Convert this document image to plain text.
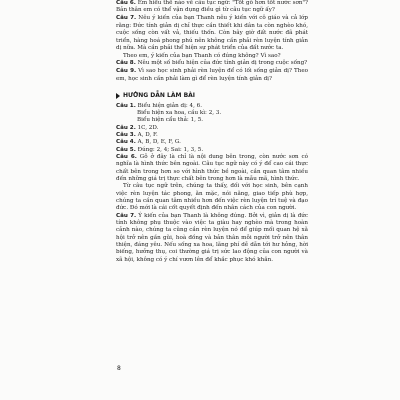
Câu 6. Em hiểu thế nào về câu tục ngữ: "Tốt gỗ hơn tốt nước sơn"? Bản thân em có thể vận dụng điều gì từ câu tục ngữ ấy?

Câu 7. Nêu ý kiến của bạn Thanh nêu ý kiến với cô giáo và cả lớp rằng: Đức tính giản dị chỉ thực cần thiết khi dân ta còn nghèo khó, cuộc sống còn vất vả, thiếu thốn. Còn bây giờ đất nước đã phát triển, hàng hoá phong phú nên không cần phải rèn luyện tính giản dị nữa. Mà cần phải thể hiện sự phát triển của đất nước ta.

Theo em, ý kiến của bạn Thanh có đúng không? Vì sao?

Câu 8. Nêu một số biểu hiện của đức tính giản dị trong cuộc sống?

Câu 9. Vì sao học sinh phải rèn luyện để có lối sống giản dị? Theo em, học sinh cần phải làm gì để rèn luyện tính giản dị?

HƯỚNG DẪN LÀM BÀI

Câu 1. Biểu hiện giản dị: 4, 6.

Biểu hiện xa hoa, cầu kì: 2, 3.

Biểu hiện cẩu thả: 1, 5.

Câu 2. 1C, 2D.

Câu 3. A, D, F.

Câu 4. A, B, D, E, F, G.

Câu 5. Đúng: 2, 4; Sai: 1, 3, 5.

Câu 6. Gỗ ở đây là chỉ là nội dung bên trong, còn nước sơn có nghĩa là hình thức bên ngoài. Câu tục ngữ này có ý để cao cái thực chất bên trong hơn so với hình thức bề ngoài, cần quan tâm nhiều đến những giá trị thực chất bên trong hơn là mẫu mã, hình thức.

Từ câu tục ngữ trên, chúng ta thấy, đối với học sinh, bên cạnh việc rèn luyện tác phong, ăn mặc, nói năng, giao tiếp phù hợp, chúng ta cần quan tâm nhiều hơn đến việc rèn luyện trí tuệ và đạo đức. Đó mới là cái cốt quyết định đến nhân cách của con người.

Câu 7. Ý kiến của bạn Thanh là không đúng. Bởi vì, giản dị là đức tính không phụ thuộc vào việc ta giàu hay nghèo mà trong hoàn cảnh nào, chúng ta cũng cần rèn luyện nó để giúp mối quan hệ xã hội trở nên gần gũi, hoà đồng và bản thân mỗi người trở nên thân thiện, đáng yêu. Nếu sống xa hoa, lãng phí dễ dẫn tới hư hỏng, hời biếng, hưởng thụ, coi thường giá trị sức lao động của con người và xã hội, không có ý chí vươn lên để khắc phục khó khăn.

8
